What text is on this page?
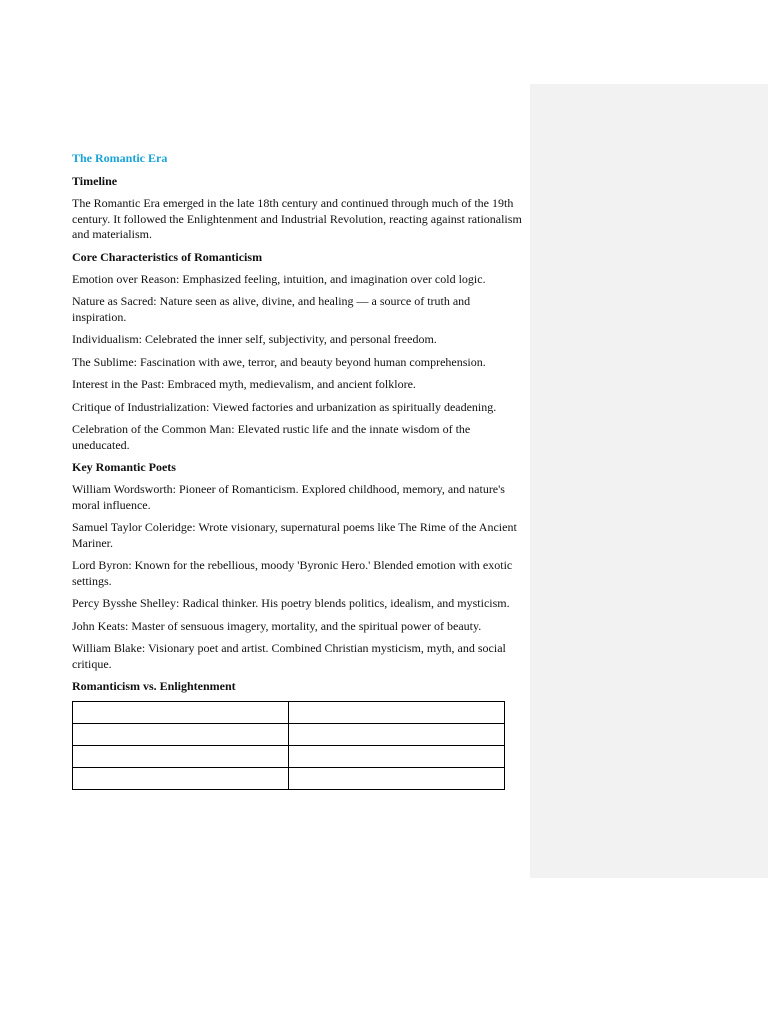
The Romantic Era
Timeline

The Romantic Era emerged in the late 18th century and continued through much of the 19th century. It followed the Enlightenment and Industrial Revolution, reacting against rationalism and materialism.

Core Characteristics of Romanticism

Emotion over Reason: Emphasized feeling, intuition, and imagination over cold logic.

Nature as Sacred: Nature seen as alive, divine, and healing — a source of truth and inspiration.

Individualism: Celebrated the inner self, subjectivity, and personal freedom.

The Sublime: Fascination with awe, terror, and beauty beyond human comprehension.

Interest in the Past: Embraced myth, medievalism, and ancient folklore.

Critique of Industrialization: Viewed factories and urbanization as spiritually deadening.

Celebration of the Common Man: Elevated rustic life and the innate wisdom of the uneducated.

Key Romantic Poets

William Wordsworth: Pioneer of Romanticism. Explored childhood, memory, and nature's moral influence.

Samuel Taylor Coleridge: Wrote visionary, supernatural poems like The Rime of the Ancient Mariner.

Lord Byron: Known for the rebellious, moody 'Byronic Hero.' Blended emotion with exotic settings.

Percy Bysshe Shelley: Radical thinker. His poetry blends politics, idealism, and mysticism.

John Keats: Master of sensuous imagery, mortality, and the spiritual power of beauty.

William Blake: Visionary poet and artist. Combined Christian mysticism, myth, and social critique.

Romanticism vs. Enlightenment
